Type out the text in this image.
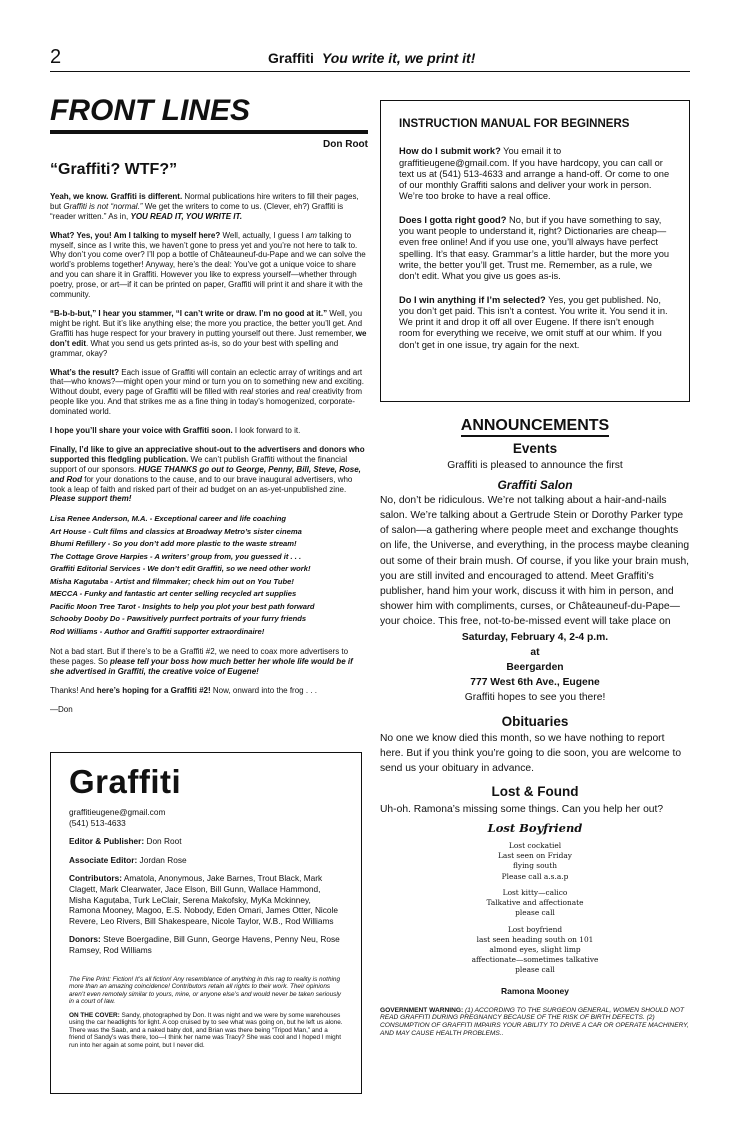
2	Graffiti You write it, we print it!
FRONT LINES
Don Root
“Graffiti? WTF?”

Yeah, we know. Graffiti is different. Normal publications hire writers to fill their pages, but Graffiti is not “normal.” We get the writers to come to us. (Clever, eh?) Graffiti is “reader written.” As in, YOU READ IT, YOU WRITE IT.

What? Yes, you! Am I talking to myself here? Well, actually, I guess I am talking to myself, since as I write this, we haven’t gone to press yet and you’re not here to talk to. Why don’t you come over? I’ll pop a bottle of Châteauneuf-du-Pape and we can solve the world’s problems together! Anyway, here’s the deal: You’ve got a unique voice to share and you can share it in Graffiti. However you like to express yourself—whether through poetry, prose, or art—if it can be printed on paper, Graffiti will print it and share it with the community.

“B-b-b-but,” I hear you stammer, “I can’t write or draw. I’m no good at it.” Well, you might be right. But it’s like anything else; the more you practice, the better you’ll get. And Graffiti has huge respect for your bravery in putting yourself out there. Just remember, we don’t edit. What you send us gets printed as-is, so do your best with spelling and grammar, okay?

What’s the result? Each issue of Graffiti will contain an eclectic array of writings and art that—who knows?—might open your mind or turn you on to something new and exciting. Without doubt, every page of Graffiti will be filled with real stories and real creativity from people like you. And that strikes me as a fine thing in today’s homogenized, corporate-dominated world.

I hope you’ll share your voice with Graffiti soon. I look forward to it.

Finally, I’d like to give an appreciative shout-out to the advertisers and donors who supported this fledgling publication. We can’t publish Graffiti without the financial support of our sponsors. HUGE THANKS go out to George, Penny, Bill, Steve, Rose, and Rod for your donations to the cause, and to our brave inaugural advertisers, who took a leap of faith and risked part of their ad budget on an as-yet-unpublished zine. Please support them!

Lisa Renee Anderson, M.A. - Exceptional career and life coaching
Art House - Cult films and classics at Broadway Metro’s sister cinema
Bhumi Refillery - So you don’t add more plastic to the waste stream!
The Cottage Grove Harpies - A writers’ group from, you guessed it . . .
Graffiti Editorial Services - We don’t edit Graffiti, so we need other work!
Misha Kagutaba - Artist and filmmaker; check him out on You Tube!
MECCA - Funky and fantastic art center selling recycled art supplies
Pacific Moon Tree Tarot - Insights to help you plot your best path forward
Schooby Dooby Do - Pawsitively purrfect portraits of your furry friends
Rod Williams - Author and Graffiti supporter extraordinaire!

Not a bad start. But if there’s to be a Graffiti #2, we need to coax more advertisers to these pages. So please tell your boss how much better her whole life would be if she advertised in Graffiti, the creative voice of Eugene!

Thanks! And here’s hoping for a Graffiti #2! Now, onward into the frog . . .

—Don

Graffiti

graffitieugene@gmail.com
(541) 513-4633

Editor & Publisher: Don Root

Associate Editor: Jordan Rose

Contributors: Amatola, Anonymous, Jake Barnes, Trout Black, Mark Clagett, Mark Clearwater, Jace Elson, Bill Gunn, Wallace Hammond, Misha Kaguṭaba, Turk LeClair, Serena Makofsky, MyKa Mckinney, Ramona Mooney, Magoo, E.S. Nobody, Eden Omari, James Otter, Nicole Revere, Leo Rivers, Bill Shakespeare, Nicole Taylor, W.B., Rod Williams

Donors: Steve Boergadine, Bill Gunn, George Havens, Penny Neu, Rose Ramsey, Rod Williams

The Fine Print: Fiction! It’s all fiction! Any resemblance of anything in this rag to reality is nothing more than an amazing coincidence! Contributors retain all rights to their work. Their opinions aren’t even remotely similar to yours, mine, or anyone else’s and would never be taken seriously in a court of law.
ON THE COVER: Sandy, photographed by Don. It was night and we were by some warehouses using the car headlights for light. A cop cruised by to see what was going on, but he left us alone. There was the Saab, and a naked baby doll, and Brian was there being “Tripod Man,” and a friend of Sandy’s was there, too—I think her name was Tracy? She was cool and I hoped I might run into her again at some point, but I never did.
INSTRUCTION MANUAL FOR BEGINNERS

How do I submit work? You email it to graffitieugene@gmail.com. If you have hardcopy, you can call or text us at (541) 513-4633 and arrange a hand-off. Or come to one of our monthly Graffiti salons and deliver your work in person. We’re too broke to have a real office.

Does I gotta right good? No, but if you have something to say, you want people to understand it, right? Dictionaries are cheap—even free online! And if you use one, you’ll always have perfect spelling. It’s that easy. Grammar’s a little harder, but the more you write, the better you’ll get. Trust me. Remember, as a rule, we don’t edit. What you give us goes as-is.

Do I win anything if I’m selected? Yes, you get published. No, you don’t get paid. This isn’t a contest. You write it. You send it in. We print it and drop it off all over Eugene. If there isn’t enough room for everything we receive, we omit stuff at our whim. If you don’t get in one issue, try again for the next.

ANNOUNCEMENTS
Events
Graffiti is pleased to announce the first
Graffiti Salon
No, don’t be ridiculous. We’re not talking about a hair-and-nails salon. We’re talking about a Gertrude Stein or Dorothy Parker type of salon—a gathering where people meet and exchange thoughts on life, the Universe, and everything, in the process maybe cleaning out some of their brain mush. Of course, if you like your brain mush, you are still invited and encouraged to attend. Meet Graffiti’s publisher, hand him your work, discuss it with him in person, and shower him with compliments, curses, or Châteauneuf-du-Pape—your choice. This free, not-to-be-missed event will take place on
Saturday, February 4, 2-4 p.m.
at
Beergarden
777 West 6th Ave., Eugene
Graffiti hopes to see you there!
Obituaries
No one we know died this month, so we have nothing to report here. But if you think you’re going to die soon, you are welcome to send us your obituary in advance.
Lost & Found
Uh-oh. Ramona’s missing some things. Can you help her out?
Lost Boyfriend
Lost cockatiel
Last seen on Friday
flying south
Please call a.s.a.p
Lost kitty—calico
Talkative and affectionate
please call
Lost boyfriend
last seen heading south on 101
almond eyes, slight limp
affectionate—sometimes talkative
please call
Ramona Mooney
GOVERNMENT WARNING: (1) ACCORDING TO THE SURGEON GENERAL, WOMEN SHOULD NOT READ GRAFFITI DURING PREGNANCY BECAUSE OF THE RISK OF BIRTH DEFECTS. (2) CONSUMPTION OF GRAFFITI IMPAIRS YOUR ABILITY TO DRIVE A CAR OR OPERATE MACHINERY, AND MAY CAUSE HEALTH PROBLEMS..
